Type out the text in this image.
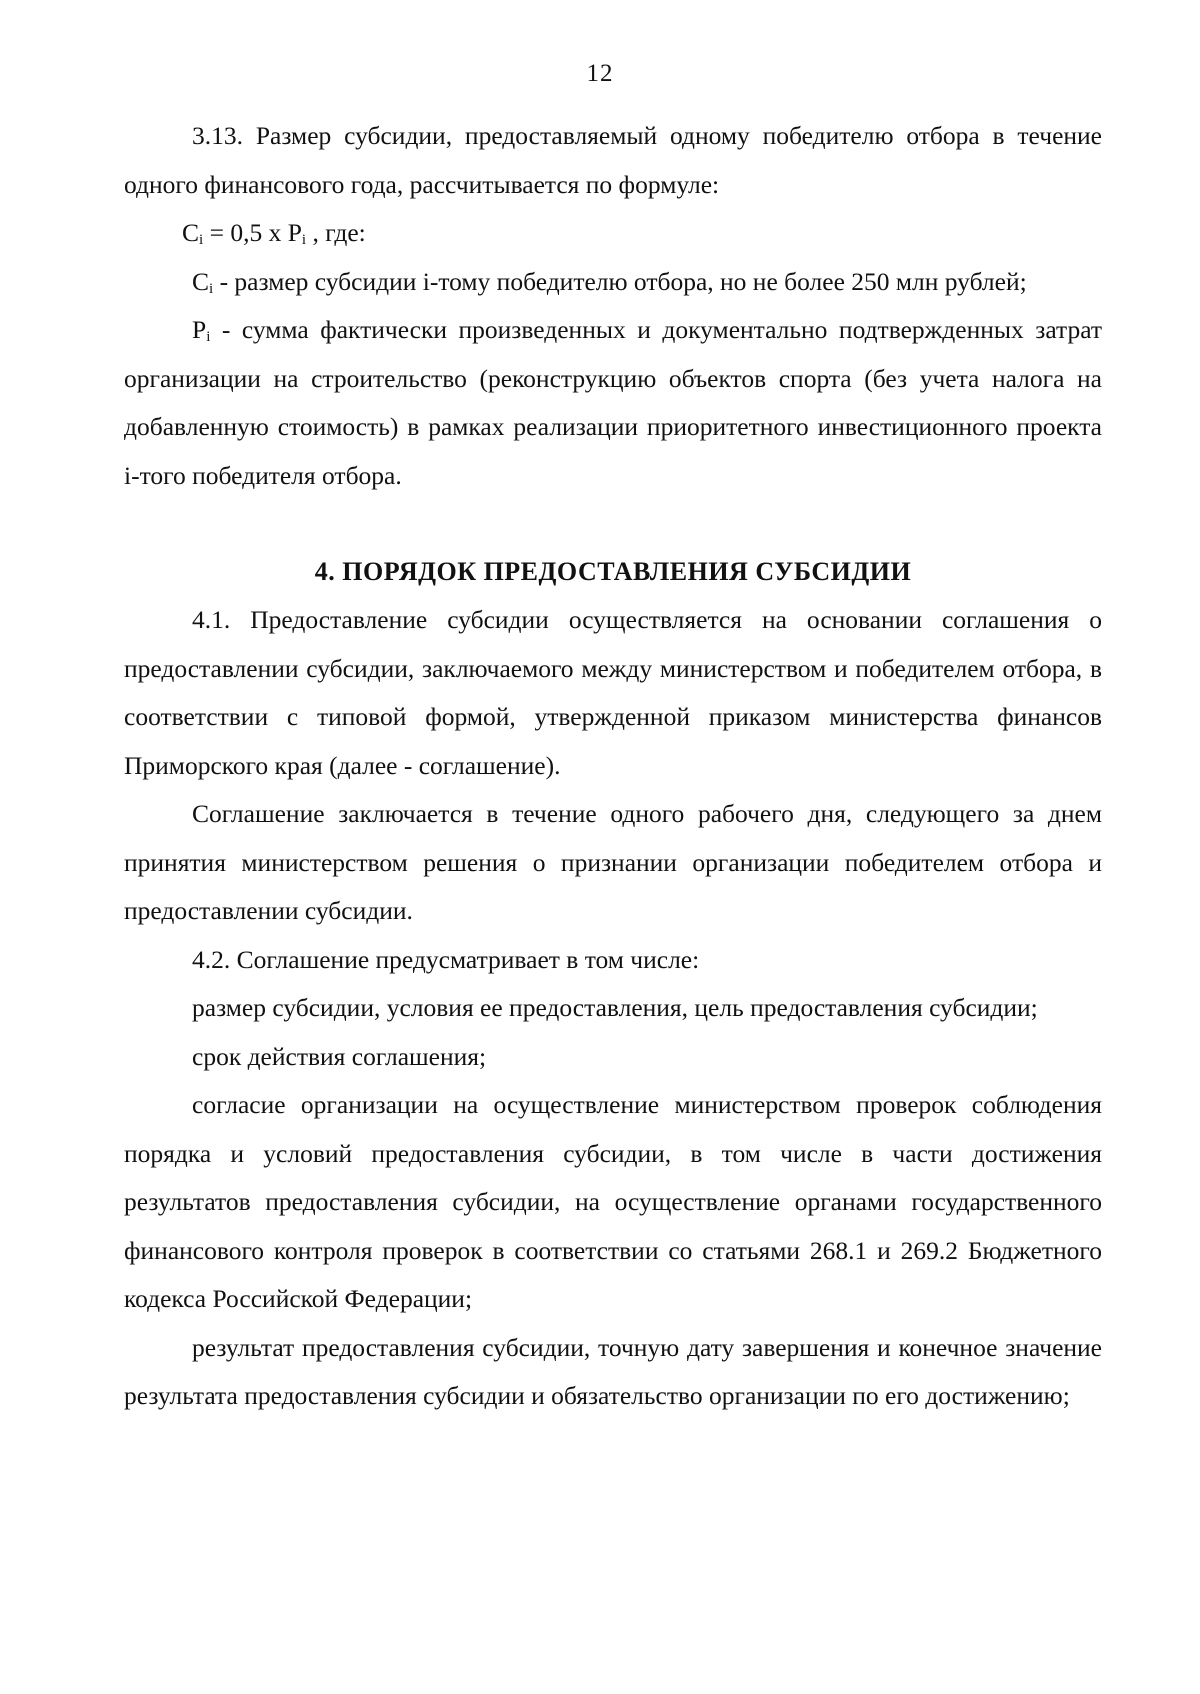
12

3.13. Размер субсидии, предоставляемый одному победителю отбора в течение одного финансового года, рассчитывается по формуле:

$C_i = 0,5$ x $P_i$ , где:

$C_i$ - размер субсидии i-тому победителю отбора, но не более 250 млн рублей;

$P_i$ - сумма фактически произведенных и документально подтвержденных затрат организации на строительство (реконструкцию объектов спорта (без учета налога на добавленную стоимость) в рамках реализации приоритетного инвестиционного проекта i-того победителя отбора.

4. ПОРЯДОК ПРЕДОСТАВЛЕНИЯ СУБСИДИИ

4.1. Предоставление субсидии осуществляется на основании соглашения о предоставлении субсидии, заключаемого между министерством и победителем отбора, в соответствии с типовой формой, утвержденной приказом министерства финансов Приморского края (далее - соглашение).

Соглашение заключается в течение одного рабочего дня, следующего за днем принятия министерством решения о признании организации победителем отбора и предоставлении субсидии.

4.2. Соглашение предусматривает в том числе:

размер субсидии, условия ее предоставления, цель предоставления субсидии;

срок действия соглашения;

согласие организации на осуществление министерством проверок соблюдения порядка и условий предоставления субсидии, в том числе в части достижения результатов предоставления субсидии, на осуществление органами государственного финансового контроля проверок в соответствии со статьями 268.1 и 269.2 Бюджетного кодекса Российской Федерации;

результат предоставления субсидии, точную дату завершения и конечное значение результата предоставления субсидии и обязательство организации по его достижению;
